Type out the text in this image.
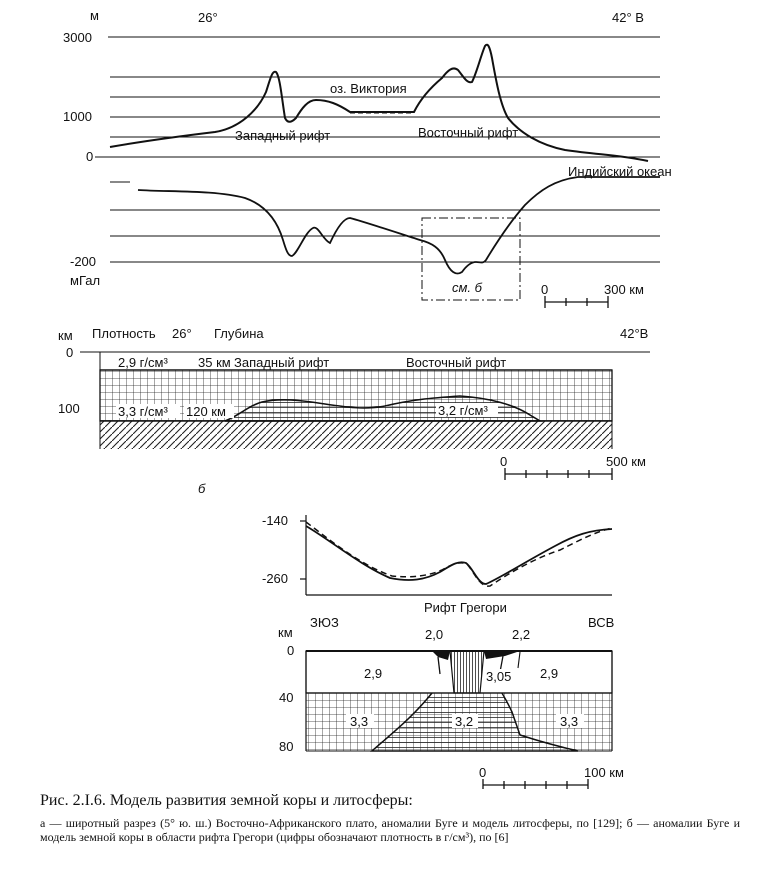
м	26°	42° В
3000
1000
0
оз. Виктория
Западный рифт	Восточный рифт
-200
мГал
Индийский океан
см. б	0	300 км
км Плотность 26° Глубина	42°В
0
100
2,9 г/см³ 35 км Западный рифт	Восточный рифт
3,3 г/см³ 120 км	3,2 г/см³
0	500 км
б
-140
-260
Рифт Грегори
км
ЗЮЗ	ВСВ
2,0	2,2
0
40
80
2,9	3,05 2,9
3,3	3,2	3,3
0	100 км

Рис. 2.I.6. Модель развития земной коры и литосферы:

а — широтный разрез (5° ю. ш.) Восточно-Африканского плато, аномалии Буге и модель литосферы, по [129]; б — аномалии Буге и модель земной коры в области рифта Грегори (цифры обозначают плотность в г/см³), по [6]
